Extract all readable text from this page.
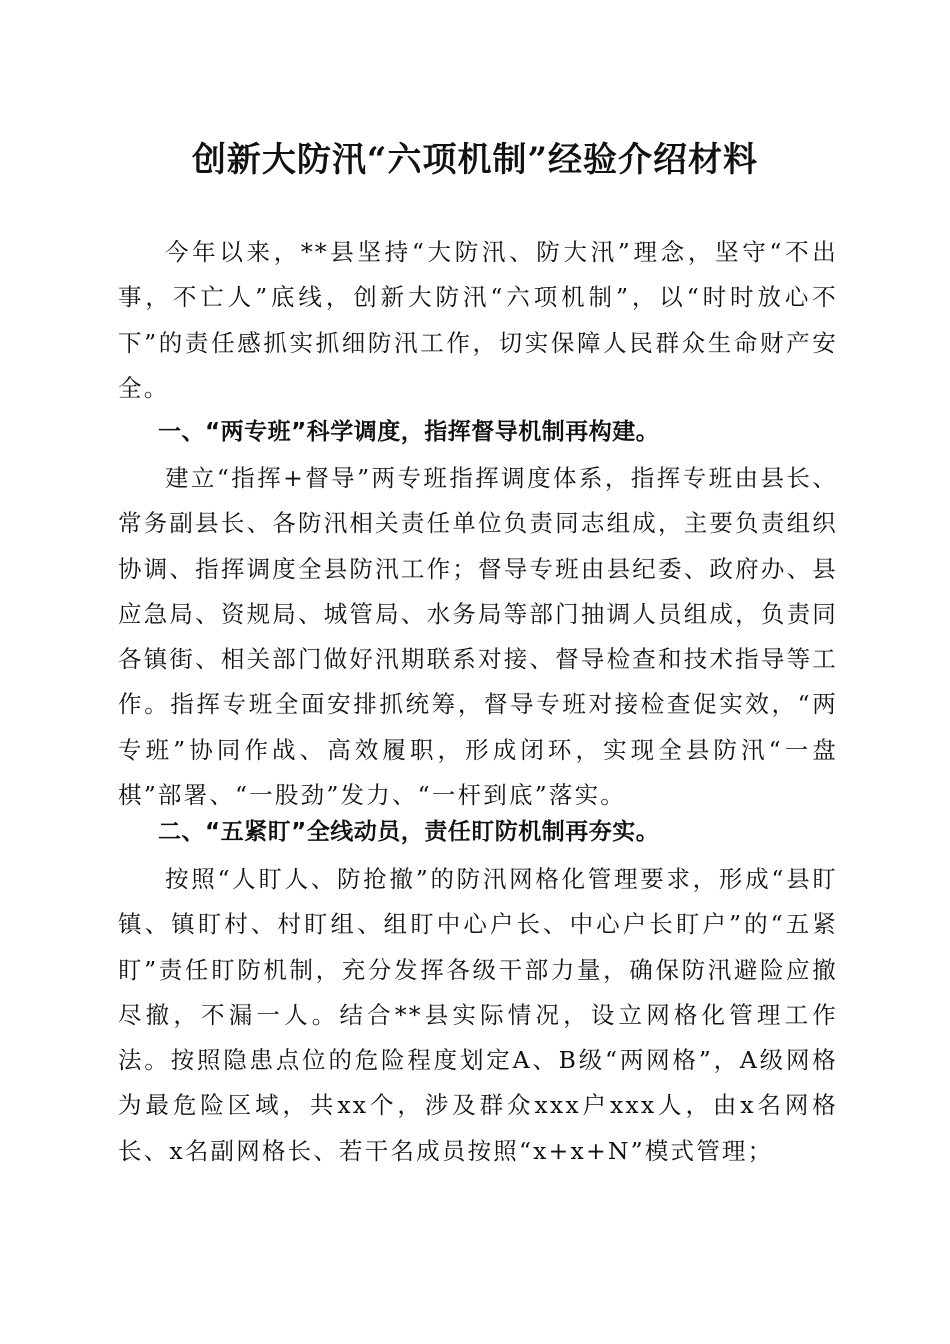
创新大防汛“六项机制”经验介绍材料

今年以来，**县坚持“大防汛、防大汛”理念，坚守“不出事，不亡人”底线，创新大防汛“六项机制”，以“时时放心不下”的责任感抓实抓细防汛工作，切实保障人民群众生命财产安全。

一、“两专班”科学调度，指挥督导机制再构建。

建立“指挥+督导”两专班指挥调度体系，指挥专班由县长、常务副县长、各防汛相关责任单位负责同志组成，主要负责组织协调、指挥调度全县防汛工作；督导专班由县纪委、政府办、县应急局、资规局、城管局、水务局等部门抽调人员组成，负责同各镇街、相关部门做好汛期联系对接、督导检查和技术指导等工作。指挥专班全面安排抓统筹，督导专班对接检查促实效，“两专班”协同作战、高效履职，形成闭环，实现全县防汛“一盘棋”部署、“一股劲”发力、“一杆到底”落实。

二、“五紧盯”全线动员，责任盯防机制再夯实。

按照“人盯人、防抢撤”的防汛网格化管理要求，形成“县盯镇、镇盯村、村盯组、组盯中心户长、中心户长盯户”的“五紧盯”责任盯防机制，充分发挥各级干部力量，确保防汛避险应撤尽撤，不漏一人。结合**县实际情况，设立网格化管理工作法。按照隐患点位的危险程度划定A、B级“两网格”，A级网格为最危险区域，共xx个，涉及群众xxx户xxx人，由x名网格长、x名副网格长、若干名成员按照“x+x+N”模式管理；
